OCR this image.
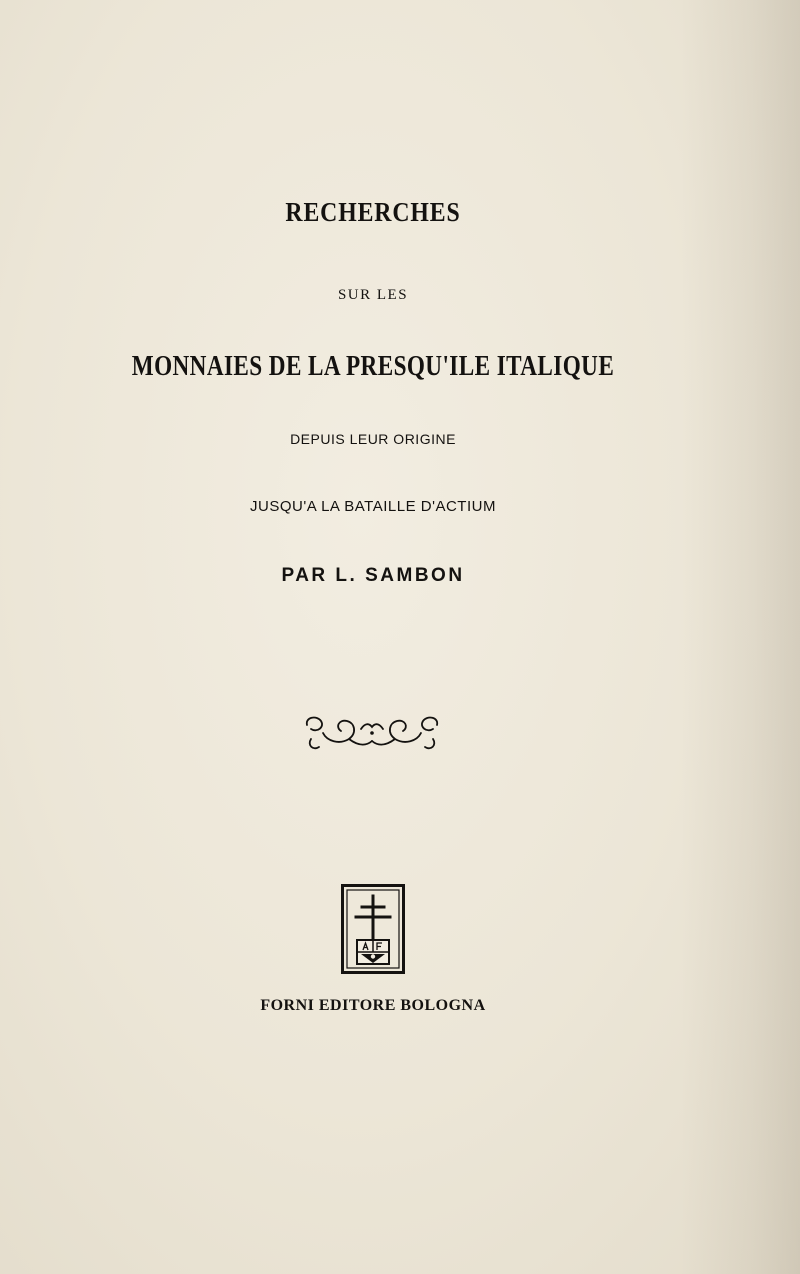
RECHERCHES
SUR LES
MONNAIES DE LA PRESQU'ILE ITALIQUE
DEPUIS LEUR ORIGINE
JUSQU'A LA BATAILLE D'ACTIUM
PAR L. SAMBON
FORNI EDITORE BOLOGNA
